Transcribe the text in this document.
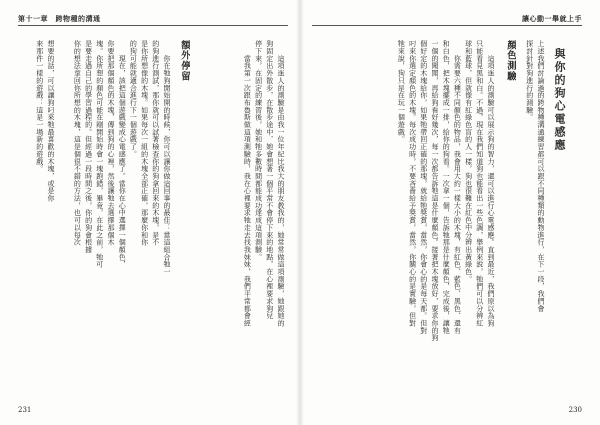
第十一章　跨物種的溝通
　　這項迷人的測驗是由我一位年紀比我大的朋友教我的，她常常做這項測驗，她跟她的
狗固定出外散步，在散步途中，她會想著一個平常不會停下來的地點，在心裡要求狗兒
停下來，在固定的練習後，她和牠多數時間都能成功達成這項測驗。
　　當我第一次跟布魯斯做這項測驗時，我在心裡要求牠走去找我妹妹，我們平常都會經
額外停留
　　你在牠狗開始開的時候，你可以讓你做這回事的最佳：當這組合牠一
的狗進行測試，那你就可以試著檢查你的狗拿回來的木塊，是不
是你所想像的木塊。如果每次一組的木塊全部正確，那麼你和你
的狗可能就適合進行下一個遊戲了。
　　現在，該把這個遊戲變成心電感應了。當你在心中選擇一個顏色，
你要把那個顏色的木塊，傳到狗的心裡，然後讓牠去選擇那個木
塊。你所想的顏色可能在剛開始時會一塊跑錯，畢竟，在此之前，牠可
是要走過自己的學習過程的。但經過一段時間之後，你的狗會根據
你的想法拿回你所想的木塊，這是個很不錯的方法，也可以每次
想要的話，可以讓狗叼來牠最喜歡的木塊，或是你
來那件一樣的遊戲：這是一場新的遊戲。

231
讓心動一舉就上手
與你的狗心電感應
上述我們討論過的跨物種溝通練習都可以跟不同種類的動物進行，在下一段，我們會
探討針對狗進行的測驗。
顏色測驗
　　這項迷人的測驗可以展示狗的智力，還可以進行心電感應。直到最近，我們原以為狗
只能看見黑和白。不過，現在我們知道狗也能看出一些色調，舉例來說，牠們可以分辨紅
球和藍球，但就像有紅綠色盲的人一樣，狗也很難在紅色中分辨出黃綠色。
　　你需要六種不同顏色的物品，我會用大約一樣大小的木塊，有紅色、藍色、黑色、還有
和白色，把木塊擺成一排，給你的狗看。一次拿一個，告訴牠那是什麼顏色，完成後，讓牠
一個的聞聞，再給狗看好幾次，每一次都告訴牠這是什麼顏色。接著把木塊放好，要求你的狗
個好定的木塊給你，如果牠帶回正確的那塊，就給牠獎賞，當然，你會心的是每天都。但對
叼來你選定顏色的木塊。每次成功時，不要吝嗇給予獎賞，當然，你關心的是實驗，但對
牠來說，狗只是在玩一個遊戲。
230
